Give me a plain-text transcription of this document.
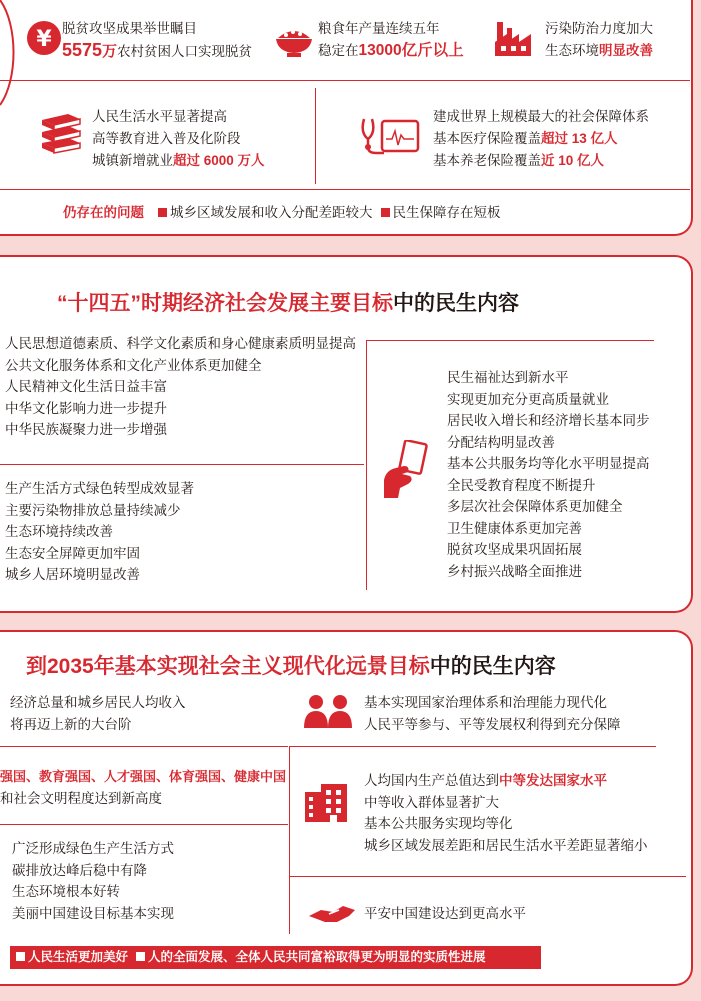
¥ 脱贫攻坚成果举世瞩目
5575万农村贫困人口实现脱贫
粮食年产量连续五年
稳定在13000亿斤以上
污染防治力度加大
生态环境明显改善
人民生活水平显著提高
高等教育进入普及化阶段
城镇新增就业超过 6000 万人
建成世界上规模最大的社会保障体系
基本医疗保险覆盖超过 13 亿人
基本养老保险覆盖近 10 亿人
仍存在的问题 城乡区域发展和收入分配差距较大 民生保障存在短板
“十四五”时期经济社会发展主要目标中的民生内容
人民思想道德素质、科学文化素质和身心健康素质明显提高
公共文化服务体系和文化产业体系更加健全
人民精神文化生活日益丰富
中华文化影响力进一步提升
中华民族凝聚力进一步增强
生产生活方式绿色转型成效显著
主要污染物排放总量持续减少
生态环境持续改善
生态安全屏障更加牢固
城乡人居环境明显改善
民生福祉达到新水平
实现更加充分更高质量就业
居民收入增长和经济增长基本同步
分配结构明显改善
基本公共服务均等化水平明显提高
全民受教育程度不断提升
多层次社会保障体系更加健全
卫生健康体系更加完善
脱贫攻坚成果巩固拓展
乡村振兴战略全面推进
到2035年基本实现社会主义现代化远景目标中的民生内容
经济总量和城乡居民人均收入
将再迈上新的大台阶
强国、教育强国、人才强国、体育强国、健康中国
和社会文明程度达到新高度
广泛形成绿色生产生活方式
碳排放达峰后稳中有降
生态环境根本好转
美丽中国建设目标基本实现
基本实现国家治理体系和治理能力现代化
人民平等参与、平等发展权利得到充分保障
人均国内生产总值达到中等发达国家水平
中等收入群体显著扩大
基本公共服务实现均等化
城乡区域发展差距和居民生活水平差距显著缩小
平安中国建设达到更高水平
人民生活更加美好 人的全面发展、全体人民共同富裕取得更为明显的实质性进展
